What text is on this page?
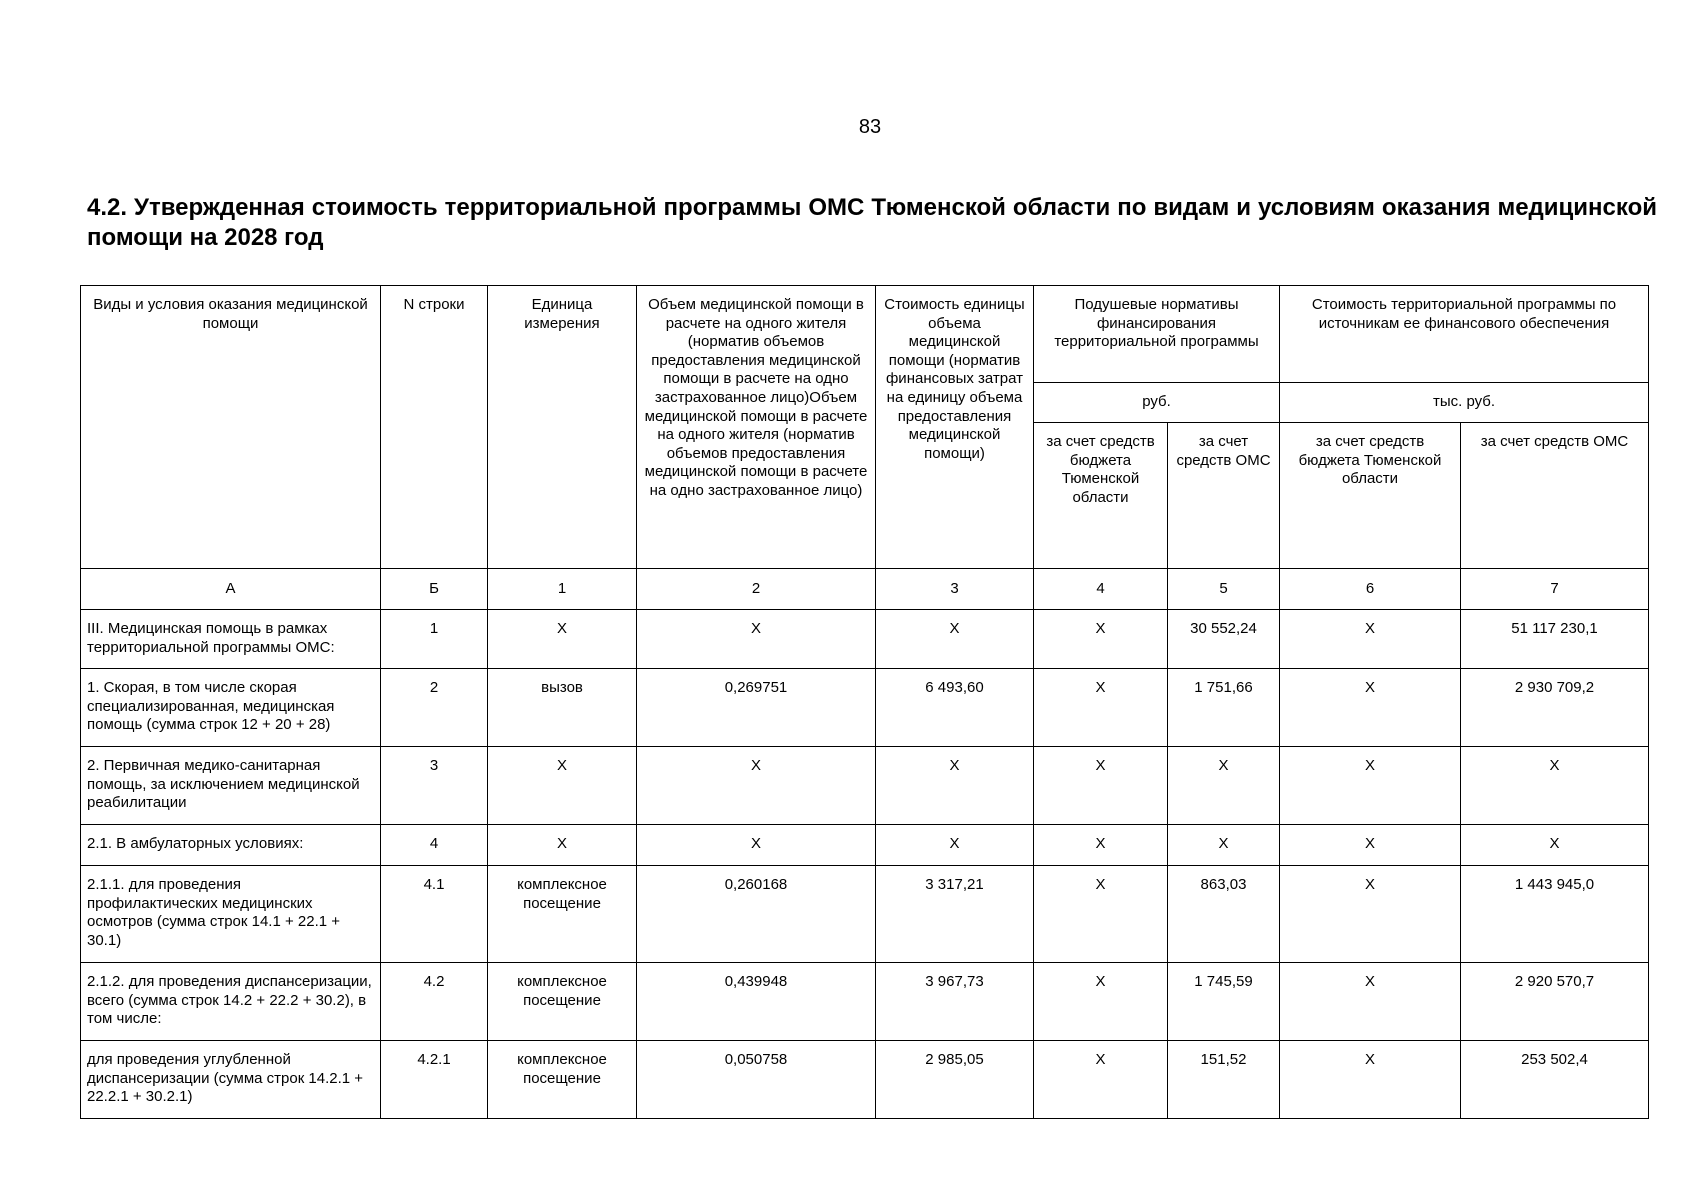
83
4.2. Утвержденная стоимость территориальной программы ОМС Тюменской области по видам и условиям оказания медицинской помощи на 2028 год
Виды и условия оказания медицинской помощи	N строки	Единица измерения	Объем медицинской помощи в расчете на одного жителя (норматив объемов предоставления медицинской помощи в расчете на одно застрахованное лицо)Объем медицинской помощи в расчете на одного жителя (норматив объемов предоставления медицинской помощи в расчете на одно застрахованное лицо)	Стоимость единицы объема медицинской помощи (норматив финансовых затрат на единицу объема предоставления медицинской помощи)	Подушевые нормативы финансирования территориальной программы		Стоимость территориальной программы по источникам ее финансового обеспечения	
					руб.		тыс. руб.	
					за счет средств бюджета Тюменской области	за счет средств ОМС	за счет средств бюджета Тюменской области	за счет средств ОМС
А	Б	1	2	3	4	5	6	7
III. Медицинская помощь в рамках территориальной программы ОМС:	1	X	X	X	X	30 552,24	X	51 117 230,1
1. Скорая, в том числе скорая специализированная, медицинская помощь (сумма строк 12 + 20 + 28)	2	вызов	0,269751	6 493,60	X	1 751,66	X	2 930 709,2
2. Первичная медико-санитарная помощь, за исключением медицинской реабилитации	3	X	X	X	X	X	X	X
2.1. В амбулаторных условиях:	4	X	X	X	X	X	X	X
2.1.1. для проведения профилактических медицинских осмотров (сумма строк 14.1 + 22.1 + 30.1)	4.1	комплексное посещение	0,260168	3 317,21	X	863,03	X	1 443 945,0
2.1.2. для проведения диспансеризации, всего (сумма строк 14.2 + 22.2 + 30.2), в том числе:	4.2	комплексное посещение	0,439948	3 967,73	X	1 745,59	X	2 920 570,7
для проведения углубленной диспансеризации (сумма строк 14.2.1 + 22.2.1 + 30.2.1)	4.2.1	комплексное посещение	0,050758	2 985,05	X	151,52	X	253 502,4
